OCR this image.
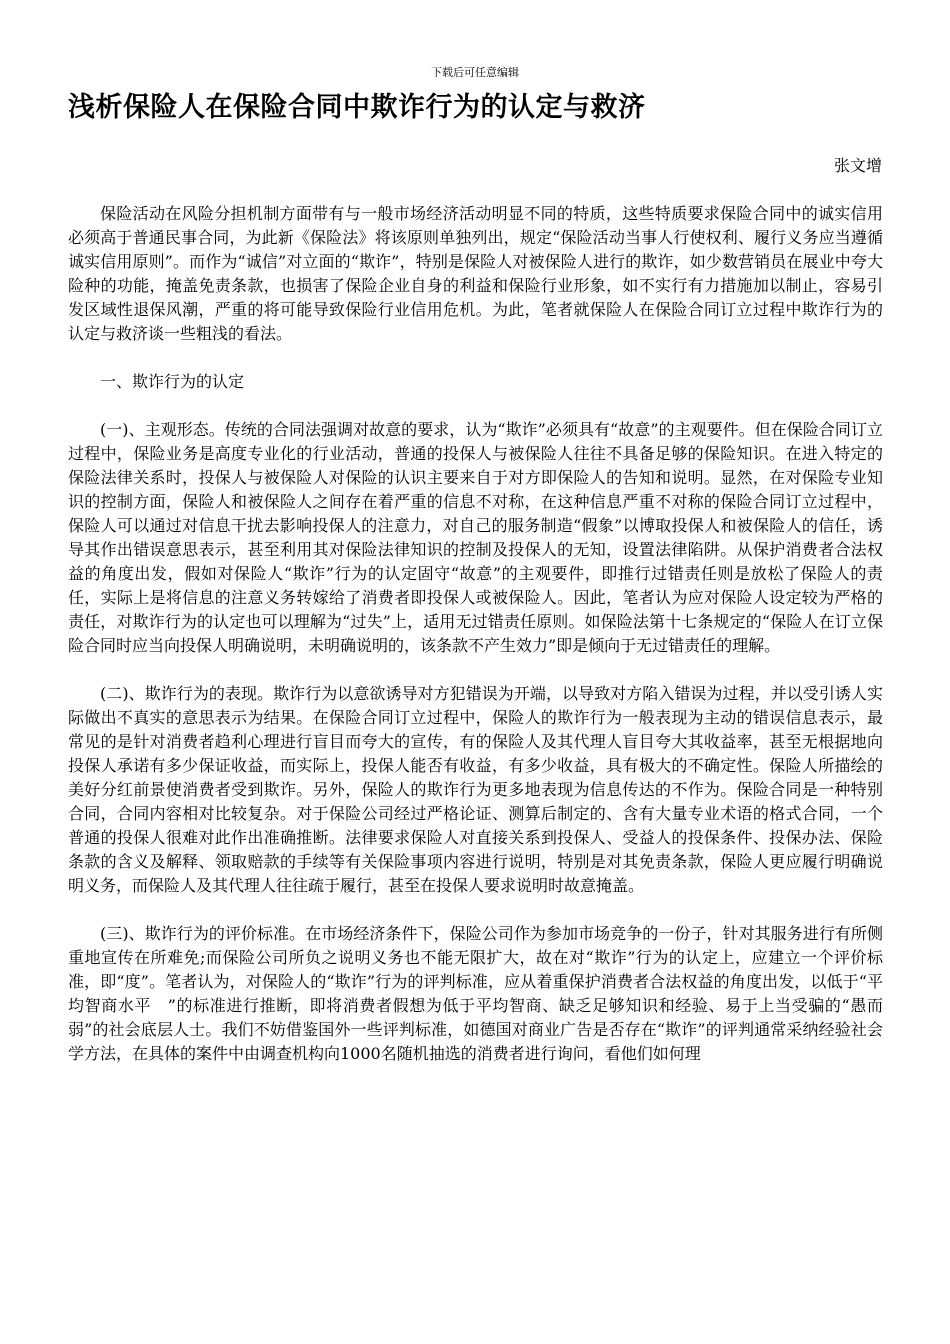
下载后可任意编辑
浅析保险人在保险合同中欺诈行为的认定与救济
张文增

保险活动在风险分担机制方面带有与一般市场经济活动明显不同的特质，这些特质要求保险合同中的诚实信用必须高于普通民事合同，为此新《保险法》将该原则单独列出，规定“保险活动当事人行使权利、履行义务应当遵循诚实信用原则”。而作为“诚信”对立面的“欺诈”，特别是保险人对被保险人进行的欺诈，如少数营销员在展业中夸大险种的功能，掩盖免责条款，也损害了保险企业自身的利益和保险行业形象，如不实行有力措施加以制止，容易引发区域性退保风潮，严重的将可能导致保险行业信用危机。为此，笔者就保险人在保险合同订立过程中欺诈行为的认定与救济谈一些粗浅的看法。

一、欺诈行为的认定

(一)、主观形态。传统的合同法强调对故意的要求，认为“欺诈”必须具有“故意”的主观要件。但在保险合同订立过程中，保险业务是高度专业化的行业活动，普通的投保人与被保险人往往不具备足够的保险知识。在进入特定的保险法律关系时，投保人与被保险人对保险的认识主要来自于对方即保险人的告知和说明。显然，在对保险专业知识的控制方面，保险人和被保险人之间存在着严重的信息不对称，在这种信息严重不对称的保险合同订立过程中，保险人可以通过对信息干扰去影响投保人的注意力，对自己的服务制造“假象”以博取投保人和被保险人的信任，诱导其作出错误意思表示，甚至利用其对保险法律知识的控制及投保人的无知，设置法律陷阱。从保护消费者合法权益的角度出发，假如对保险人“欺诈”行为的认定固守“故意”的主观要件，即推行过错责任则是放松了保险人的责任，实际上是将信息的注意义务转嫁给了消费者即投保人或被保险人。因此，笔者认为应对保险人设定较为严格的责任，对欺诈行为的认定也可以理解为“过失”上，适用无过错责任原则。如保险法第十七条规定的“保险人在订立保险合同时应当向投保人明确说明，未明确说明的，该条款不产生效力”即是倾向于无过错责任的理解。

(二)、欺诈行为的表现。欺诈行为以意欲诱导对方犯错误为开端，以导致对方陷入错误为过程，并以受引诱人实际做出不真实的意思表示为结果。在保险合同订立过程中，保险人的欺诈行为一般表现为主动的错误信息表示，最常见的是针对消费者趋利心理进行盲目而夸大的宣传，有的保险人及其代理人盲目夸大其收益率，甚至无根据地向投保人承诺有多少保证收益，而实际上，投保人能否有收益，有多少收益，具有极大的不确定性。保险人所描绘的美好分红前景使消费者受到欺诈。另外，保险人的欺诈行为更多地表现为信息传达的不作为。保险合同是一种特别合同，合同内容相对比较复杂。对于保险公司经过严格论证、测算后制定的、含有大量专业术语的格式合同，一个普通的投保人很难对此作出准确推断。法律要求保险人对直接关系到投保人、受益人的投保条件、投保办法、保险条款的含义及解释、领取赔款的手续等有关保险事项内容进行说明，特别是对其免责条款，保险人更应履行明确说明义务，而保险人及其代理人往往疏于履行，甚至在投保人要求说明时故意掩盖。

(三)、欺诈行为的评价标准。在市场经济条件下，保险公司作为参加市场竞争的一份子，针对其服务进行有所侧重地宣传在所难免;而保险公司所负之说明义务也不能无限扩大，故在对“欺诈”行为的认定上，应建立一个评价标准，即“度”。笔者认为，对保险人的“欺诈”行为的评判标准，应从着重保护消费者合法权益的角度出发，以低于“平均智商水平　”的标准进行推断，即将消费者假想为低于平均智商、缺乏足够知识和经验、易于上当受骗的“愚而弱”的社会底层人士。我们不妨借鉴国外一些评判标准，如德国对商业广告是否存在“欺诈”的评判通常采纳经验社会学方法，在具体的案件中由调查机构向1000名随机抽选的消费者进行询问，看他们如何理
